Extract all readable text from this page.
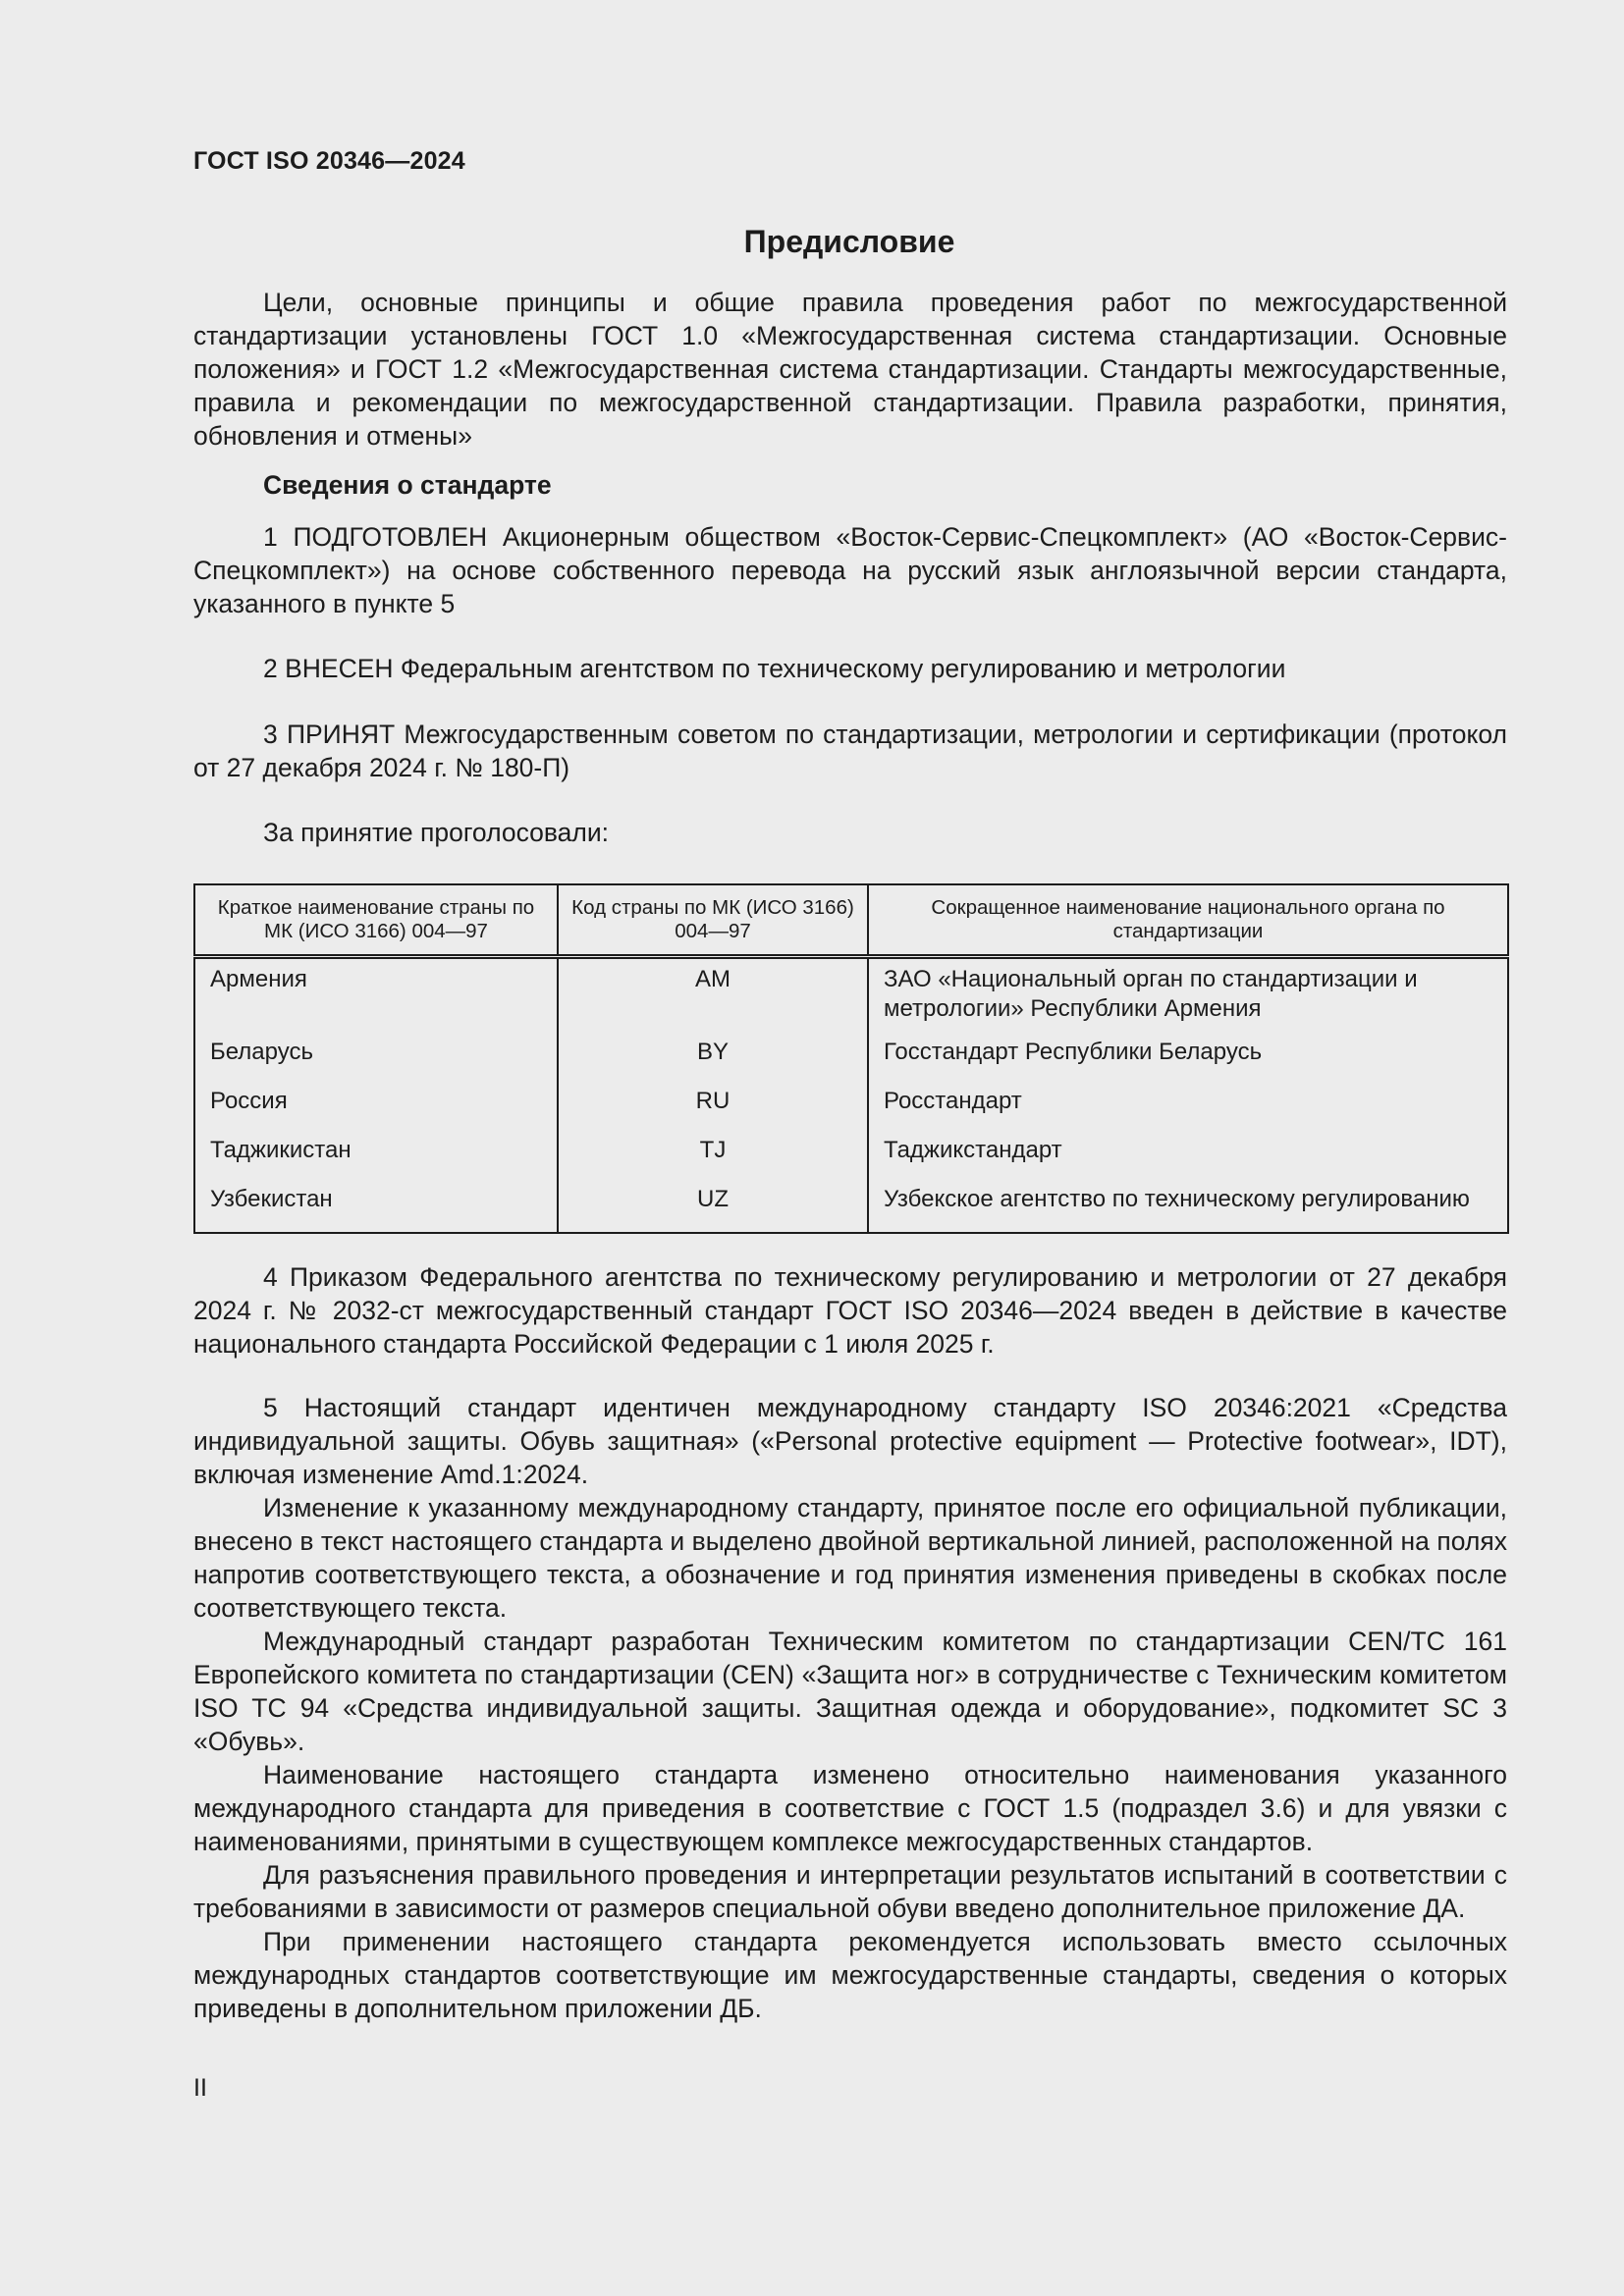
ГОСТ ISO 20346—2024
Предисловие

Цели, основные принципы и общие правила проведения работ по межгосударственной стандартизации установлены ГОСТ 1.0 «Межгосударственная система стандартизации. Основные положения» и ГОСТ 1.2 «Межгосударственная система стандартизации. Стандарты межгосударственные, правила и рекомендации по межгосударственной стандартизации. Правила разработки, принятия, обновления и отмены»

Сведения о стандарте

1 ПОДГОТОВЛЕН Акционерным обществом «Восток-Сервис-Спецкомплект» (АО «Восток-Сервис-Спецкомплект») на основе собственного перевода на русский язык англоязычной версии стандарта, указанного в пункте 5

2 ВНЕСЕН Федеральным агентством по техническому регулированию и метрологии

3 ПРИНЯТ Межгосударственным советом по стандартизации, метрологии и сертификации (протокол от 27 декабря 2024 г. № 180-П)

За принятие проголосовали:

Краткое наименование страны по МК (ИСО 3166) 004—97	Код страны по МК (ИСО 3166) 004—97	Сокращенное наименование национального органа по стандартизации
Армения	AM	ЗАО «Национальный орган по стандартизации и метрологии» Республики Армения
Беларусь	BY	Госстандарт Республики Беларусь
Россия	RU	Росстандарт
Таджикистан	TJ	Таджикстандарт
Узбекистан	UZ	Узбекское агентство по техническому регулированию

4 Приказом Федерального агентства по техническому регулированию и метрологии от 27 декабря 2024 г. № 2032-ст межгосударственный стандарт ГОСТ ISO 20346—2024 введен в действие в качестве национального стандарта Российской Федерации с 1 июля 2025 г.

5 Настоящий стандарт идентичен международному стандарту ISO 20346:2021 «Средства индивидуальной защиты. Обувь защитная» («Personal protective equipment — Protective footwear», IDT), включая изменение Amd.1:2024.

Изменение к указанному международному стандарту, принятое после его официальной публикации, внесено в текст настоящего стандарта и выделено двойной вертикальной линией, расположенной на полях напротив соответствующего текста, а обозначение и год принятия изменения приведены в скобках после соответствующего текста.

Международный стандарт разработан Техническим комитетом по стандартизации CEN/TC 161 Европейского комитета по стандартизации (CEN) «Защита ног» в сотрудничестве с Техническим комитетом ISO TC 94 «Средства индивидуальной защиты. Защитная одежда и оборудование», подкомитет SC 3 «Обувь».

Наименование настоящего стандарта изменено относительно наименования указанного международного стандарта для приведения в соответствие с ГОСТ 1.5 (подраздел 3.6) и для увязки с наименованиями, принятыми в существующем комплексе межгосударственных стандартов.

Для разъяснения правильного проведения и интерпретации результатов испытаний в соответствии с требованиями в зависимости от размеров специальной обуви введено дополнительное приложение ДА.

При применении настоящего стандарта рекомендуется использовать вместо ссылочных международных стандартов соответствующие им межгосударственные стандарты, сведения о которых приведены в дополнительном приложении ДБ.

II
